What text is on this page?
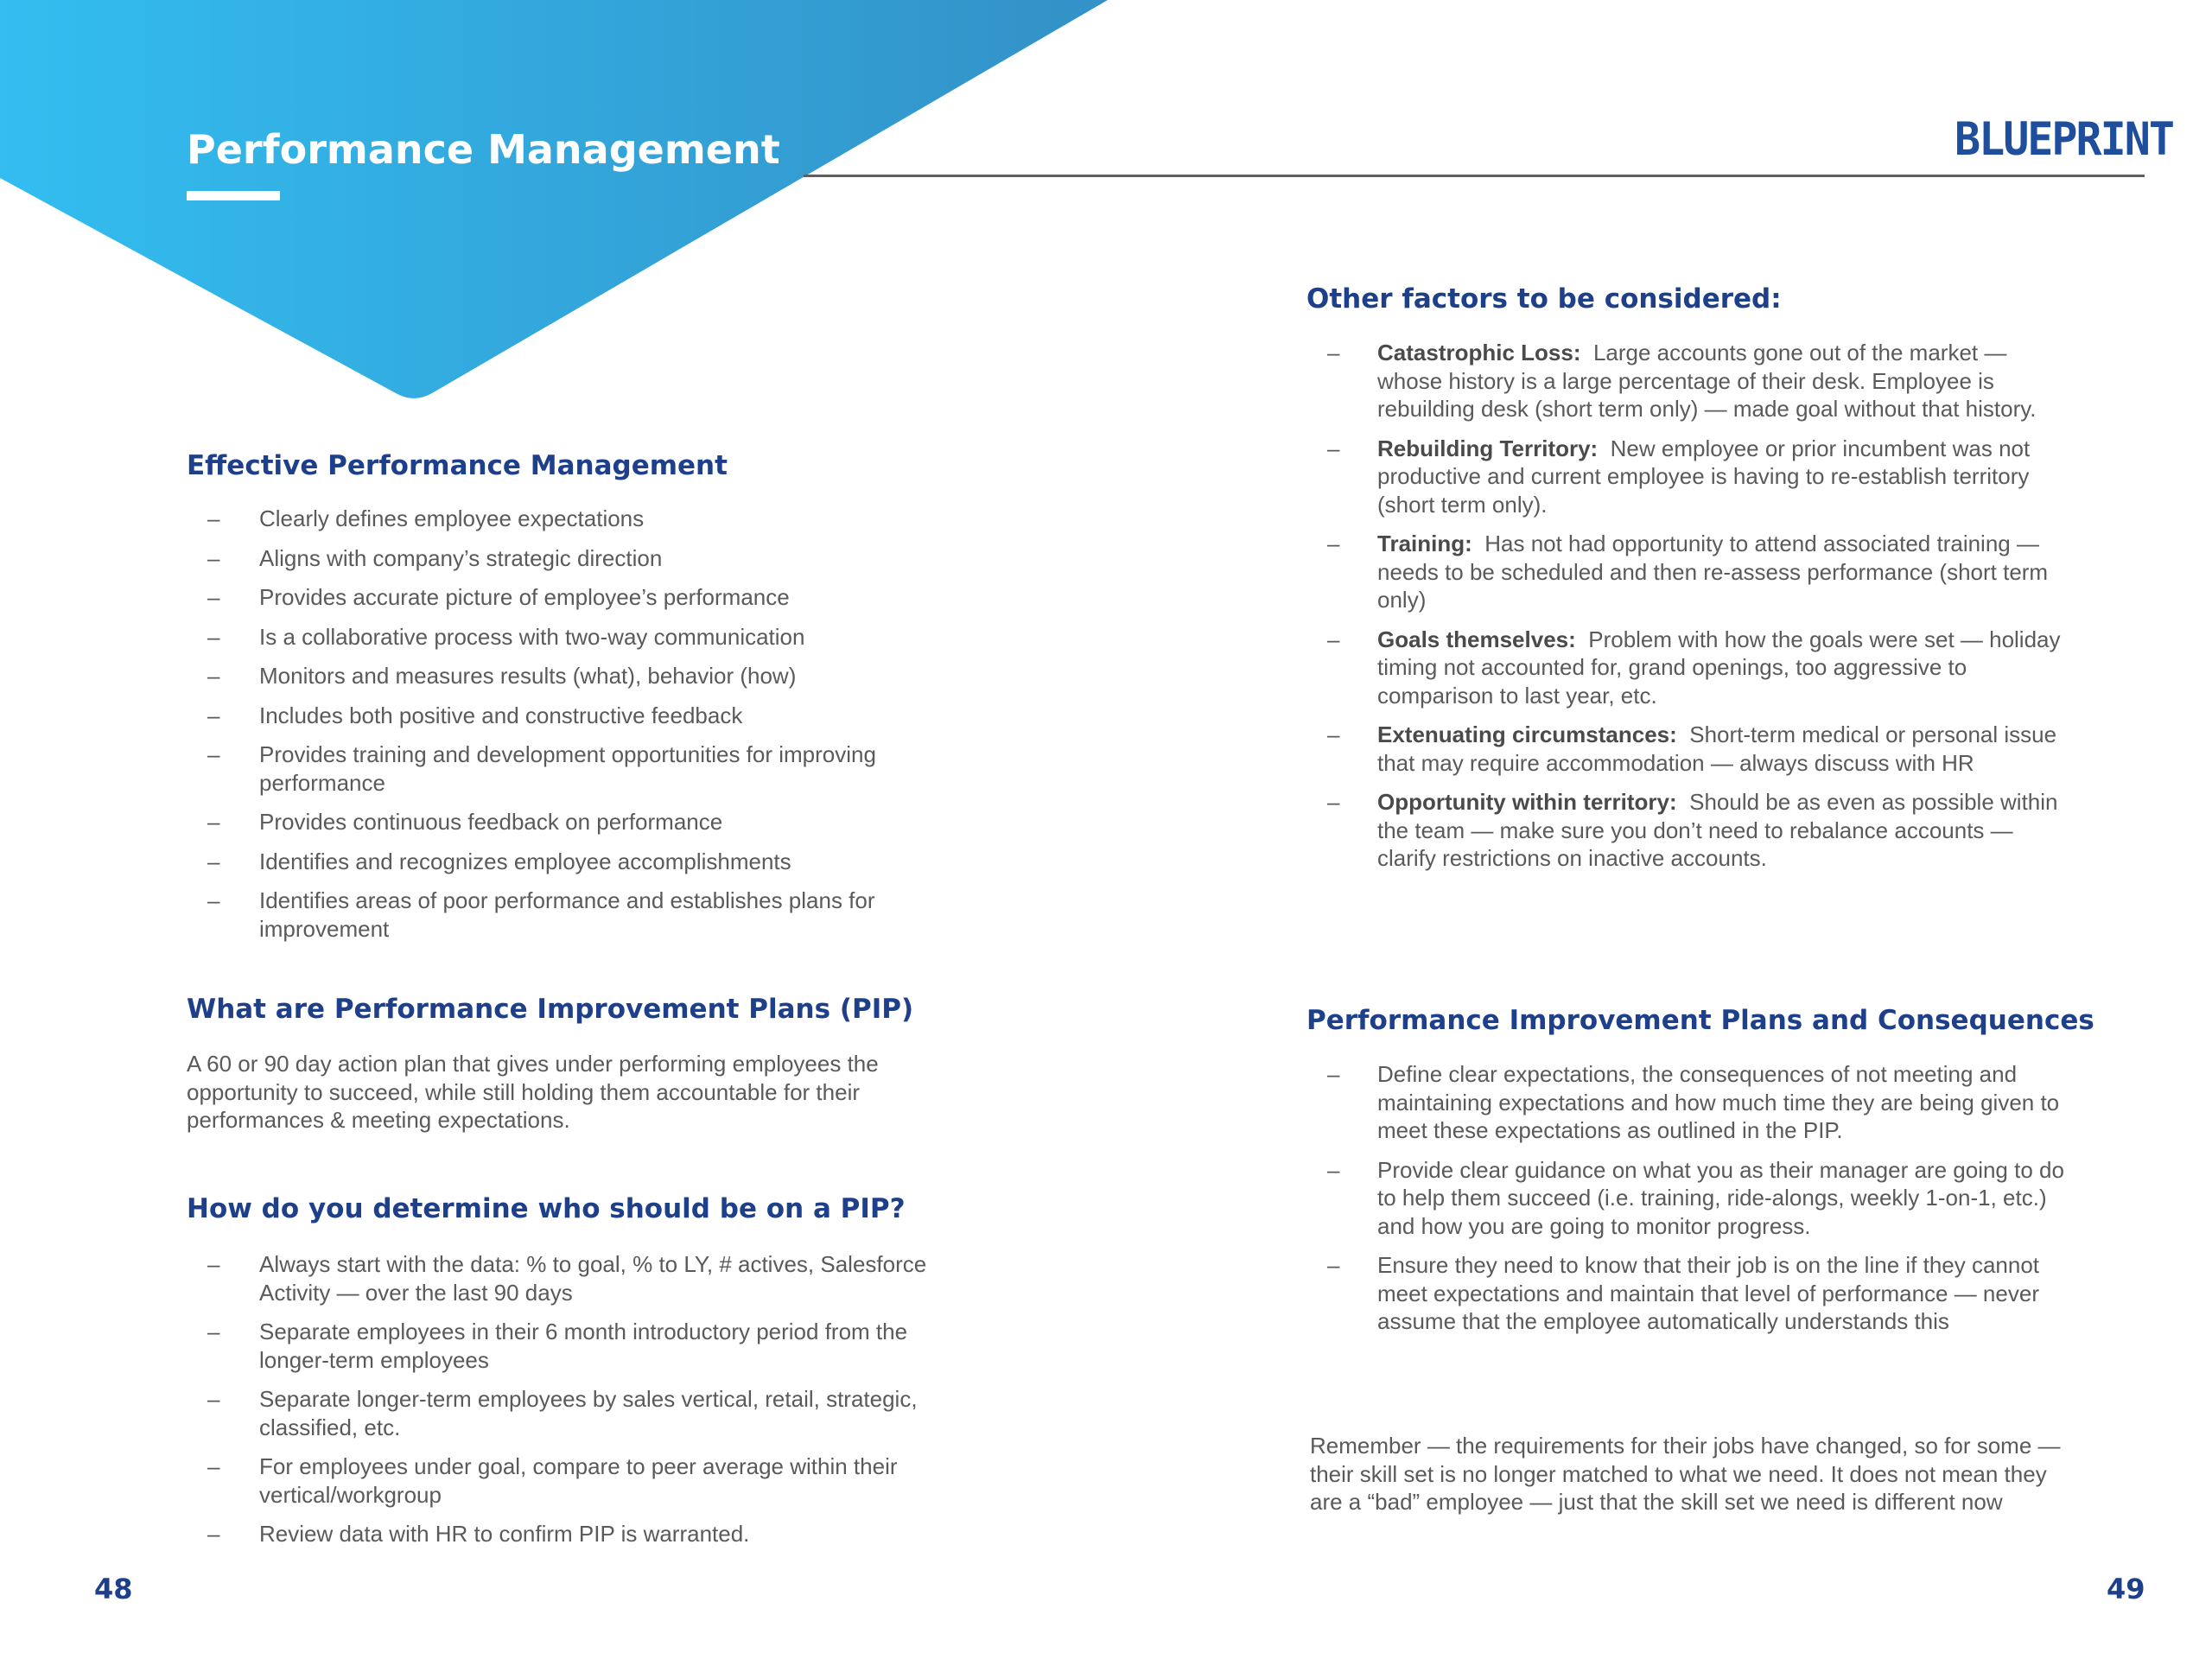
Performance Management	BLUEPRINT
Effective Performance Management
– Clearly defines employee expectations
– Aligns with company’s strategic direction
– Provides accurate picture of employee’s performance
– Is a collaborative process with two-way communication
– Monitors and measures results (what), behavior (how)
– Includes both positive and constructive feedback
– Provides training and development opportunities for improving performance
– Provides continuous feedback on performance
– Identifies and recognizes employee accomplishments
– Identifies areas of poor performance and establishes plans for improvement
What are Performance Improvement Plans (PIP)

A 60 or 90 day action plan that gives under performing employees the opportunity to succeed, while still holding them accountable for their performances & meeting expectations.

How do you determine who should be on a PIP?
– Always start with the data: % to goal, % to LY, # actives, Salesforce Activity — over the last 90 days
– Separate employees in their 6 month introductory period from the longer-term employees
– Separate longer-term employees by sales vertical, retail, strategic, classified, etc.
– For employees under goal, compare to peer average within their vertical/workgroup
– Review data with HR to confirm PIP is warranted.
48
Other factors to be considered:
– Catastrophic Loss: Large accounts gone out of the market — whose history is a large percentage of their desk. Employee is rebuilding desk (short term only) — made goal without that history.
– Rebuilding Territory: New employee or prior incumbent was not productive and current employee is having to re-establish territory (short term only).
– Training: Has not had opportunity to attend associated training — needs to be scheduled and then re-assess performance (short term only)
– Goals themselves: Problem with how the goals were set — holiday timing not accounted for, grand openings, too aggressive to comparison to last year, etc.
– Extenuating circumstances: Short-term medical or personal issue that may require accommodation — always discuss with HR
– Opportunity within territory: Should be as even as possible within the team — make sure you don’t need to rebalance accounts — clarify restrictions on inactive accounts.
Performance Improvement Plans and Consequences
– Define clear expectations, the consequences of not meeting and maintaining expectations and how much time they are being given to meet these expectations as outlined in the PIP.
– Provide clear guidance on what you as their manager are going to do to help them succeed (i.e. training, ride-alongs, weekly 1-on-1, etc.) and how you are going to monitor progress.
– Ensure they need to know that their job is on the line if they cannot meet expectations and maintain that level of performance — never assume that the employee automatically understands this

Remember — the requirements for their jobs have changed, so for some — their skill set is no longer matched to what we need. It does not mean they are a “bad” employee — just that the skill set we need is different now

49
